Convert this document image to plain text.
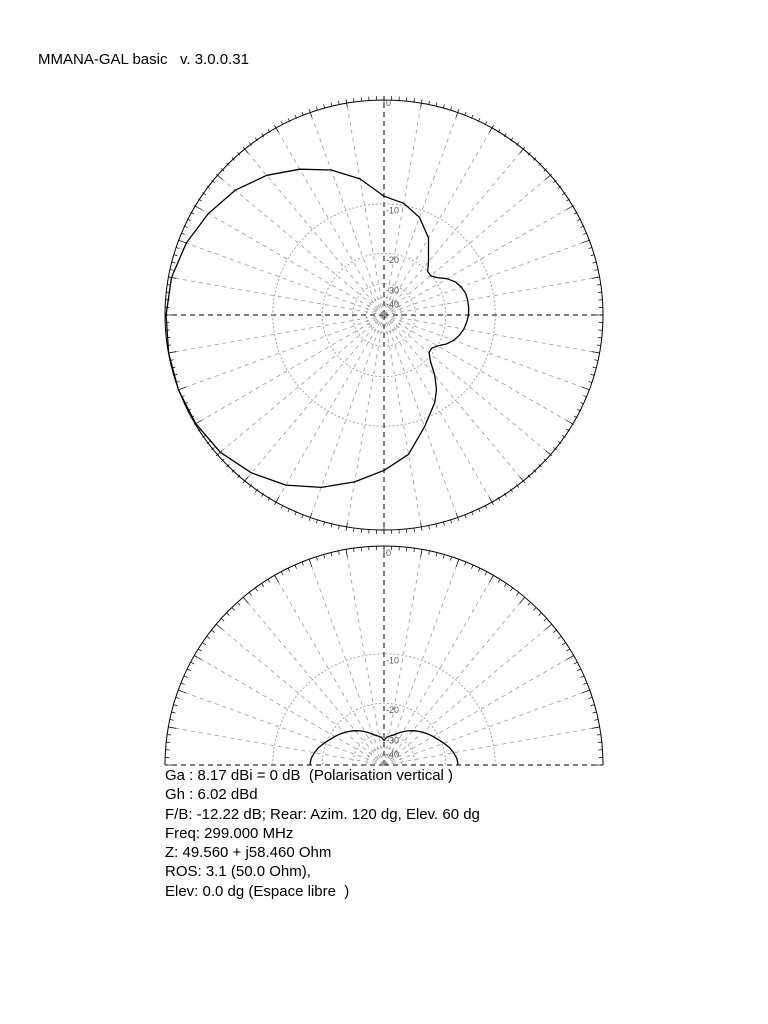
MMANA-GAL basic   v. 3.0.0.31
0
-10
-20
-30
-40
0
-10
-20
-30
-40
Ga : 8.17 dBi = 0 dB  (Polarisation vertical )
Gh : 6.02 dBd
F/B: -12.22 dB; Rear: Azim. 120 dg, Elev. 60 dg
Freq: 299.000 MHz
Z: 49.560 + j58.460 Ohm
ROS: 3.1 (50.0 Ohm),
Elev: 0.0 dg (Espace libre  )
